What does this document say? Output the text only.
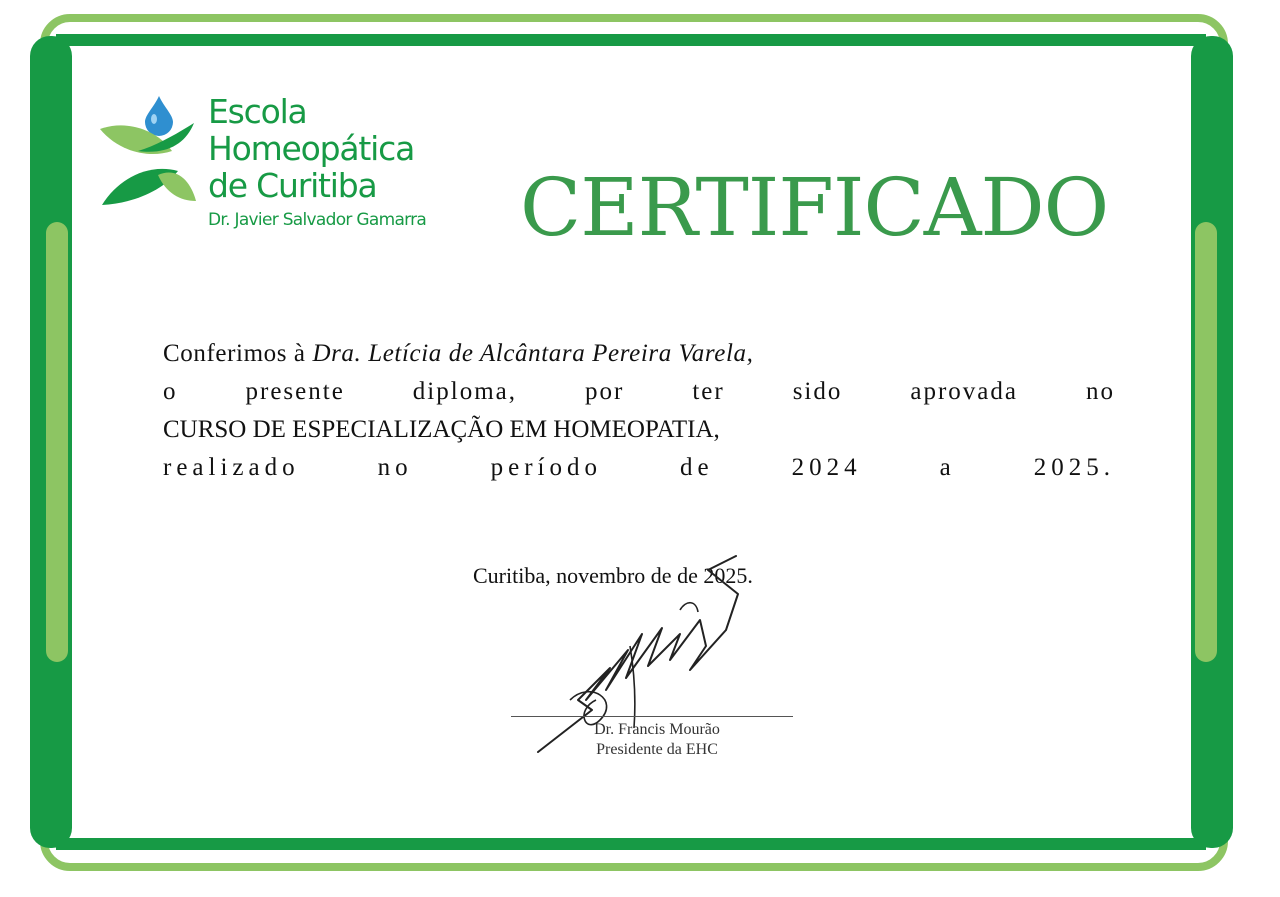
Escola
Homeopática
de Curitiba
Dr. Javier Salvador Gamarra CERTIFICADO
Conferimos à Dra. Letícia de Alcântara Pereira Varela,
o	presente	diploma,	por	ter	sido	aprovada	no
CURSO DE ESPECIALIZAÇÃO EM HOMEOPATIA,
realizado	no	período	de	2024	a	2025.
Curitiba, novembro de de 2025.
Dr. Francis Mourão
Presidente da EHC
